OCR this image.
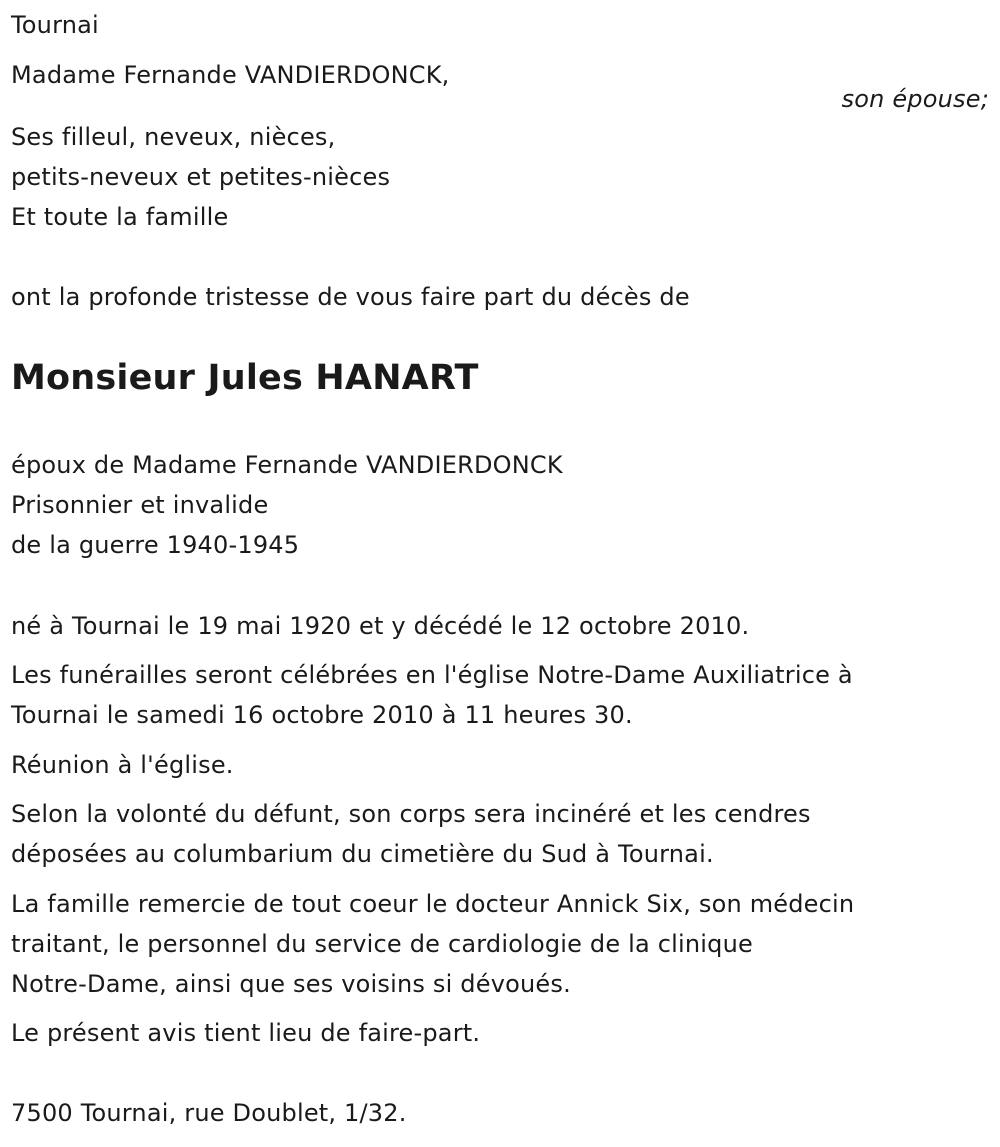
Tournai
Madame Fernande VANDIERDONCK,
son épouse;
Ses filleul, neveux, nièces,
petits-neveux et petites-nièces
Et toute la famille
ont la profonde tristesse de vous faire part du décès de
Monsieur Jules HANART
époux de Madame Fernande VANDIERDONCK
Prisonnier et invalide
de la guerre 1940-1945
né à Tournai le 19 mai 1920 et y décédé le 12 octobre 2010.
Les funérailles seront célébrées en l'église Notre-Dame Auxiliatrice à
Tournai le samedi 16 octobre 2010 à 11 heures 30.
Réunion à l'église.
Selon la volonté du défunt, son corps sera incinéré et les cendres
déposées au columbarium du cimetière du Sud à Tournai.
La famille remercie de tout coeur le docteur Annick Six, son médecin
traitant, le personnel du service de cardiologie de la clinique
Notre-Dame, ainsi que ses voisins si dévoués.
Le présent avis tient lieu de faire-part.
7500 Tournai, rue Doublet, 1/32.
